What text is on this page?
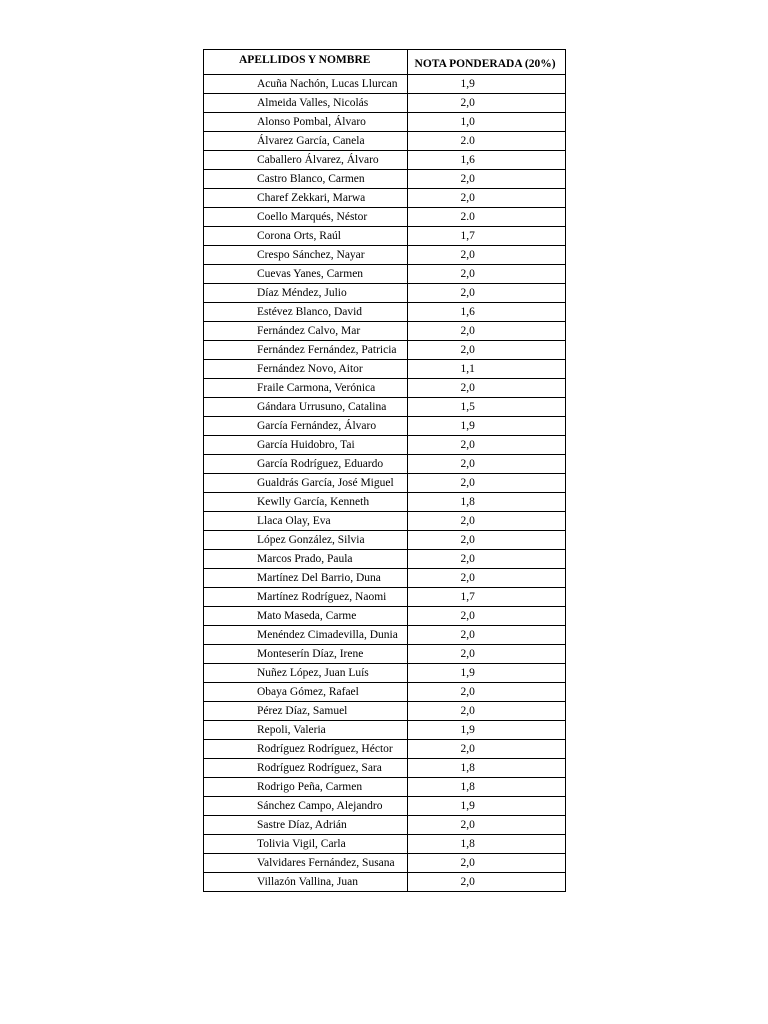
APELLIDOS Y NOMBRE	NOTA PONDERADA (20%)
Acuña Nachón, Lucas Llurcan	1,9
Almeida Valles, Nicolás	2,0
Alonso Pombal, Álvaro	1,0
Álvarez García, Canela	2.0
Caballero Álvarez, Álvaro	1,6
Castro Blanco, Carmen	2,0
Charef Zekkari, Marwa	2,0
Coello Marqués, Néstor	2.0
Corona Orts, Raúl	1,7
Crespo Sánchez, Nayar	2,0
Cuevas Yanes, Carmen	2,0
Díaz Méndez, Julio	2,0
Estévez Blanco, David	1,6
Fernández Calvo, Mar	2,0
Fernández Fernández, Patricia	2,0
Fernández Novo, Aitor	1,1
Fraile Carmona, Verónica	2,0
Gándara Urrusuno, Catalina	1,5
García Fernández, Álvaro	1,9
García Huidobro, Tai	2,0
García Rodríguez, Eduardo	2,0
Gualdrás García, José Miguel	2,0
Kewlly García, Kenneth	1,8
Llaca Olay, Eva	2,0
López González, Silvia	2,0
Marcos Prado, Paula	2,0
Martínez Del Barrio, Duna	2,0
Martínez Rodríguez, Naomi	1,7
Mato Maseda, Carme	2,0
Menéndez Cimadevilla, Dunia	2,0
Monteserín Díaz, Irene	2,0
Nuñez López, Juan Luís	1,9
Obaya Gómez, Rafael	2,0
Pérez Díaz, Samuel	2,0
Repoli, Valeria	1,9
Rodríguez Rodríguez, Héctor	2,0
Rodríguez Rodríguez, Sara	1,8
Rodrigo Peña, Carmen	1,8
Sánchez Campo, Alejandro	1,9
Sastre Díaz, Adrián	2,0
Tolivia Vigil, Carla	1,8
Valvidares Fernández, Susana	2,0
Villazón Vallina, Juan	2,0
